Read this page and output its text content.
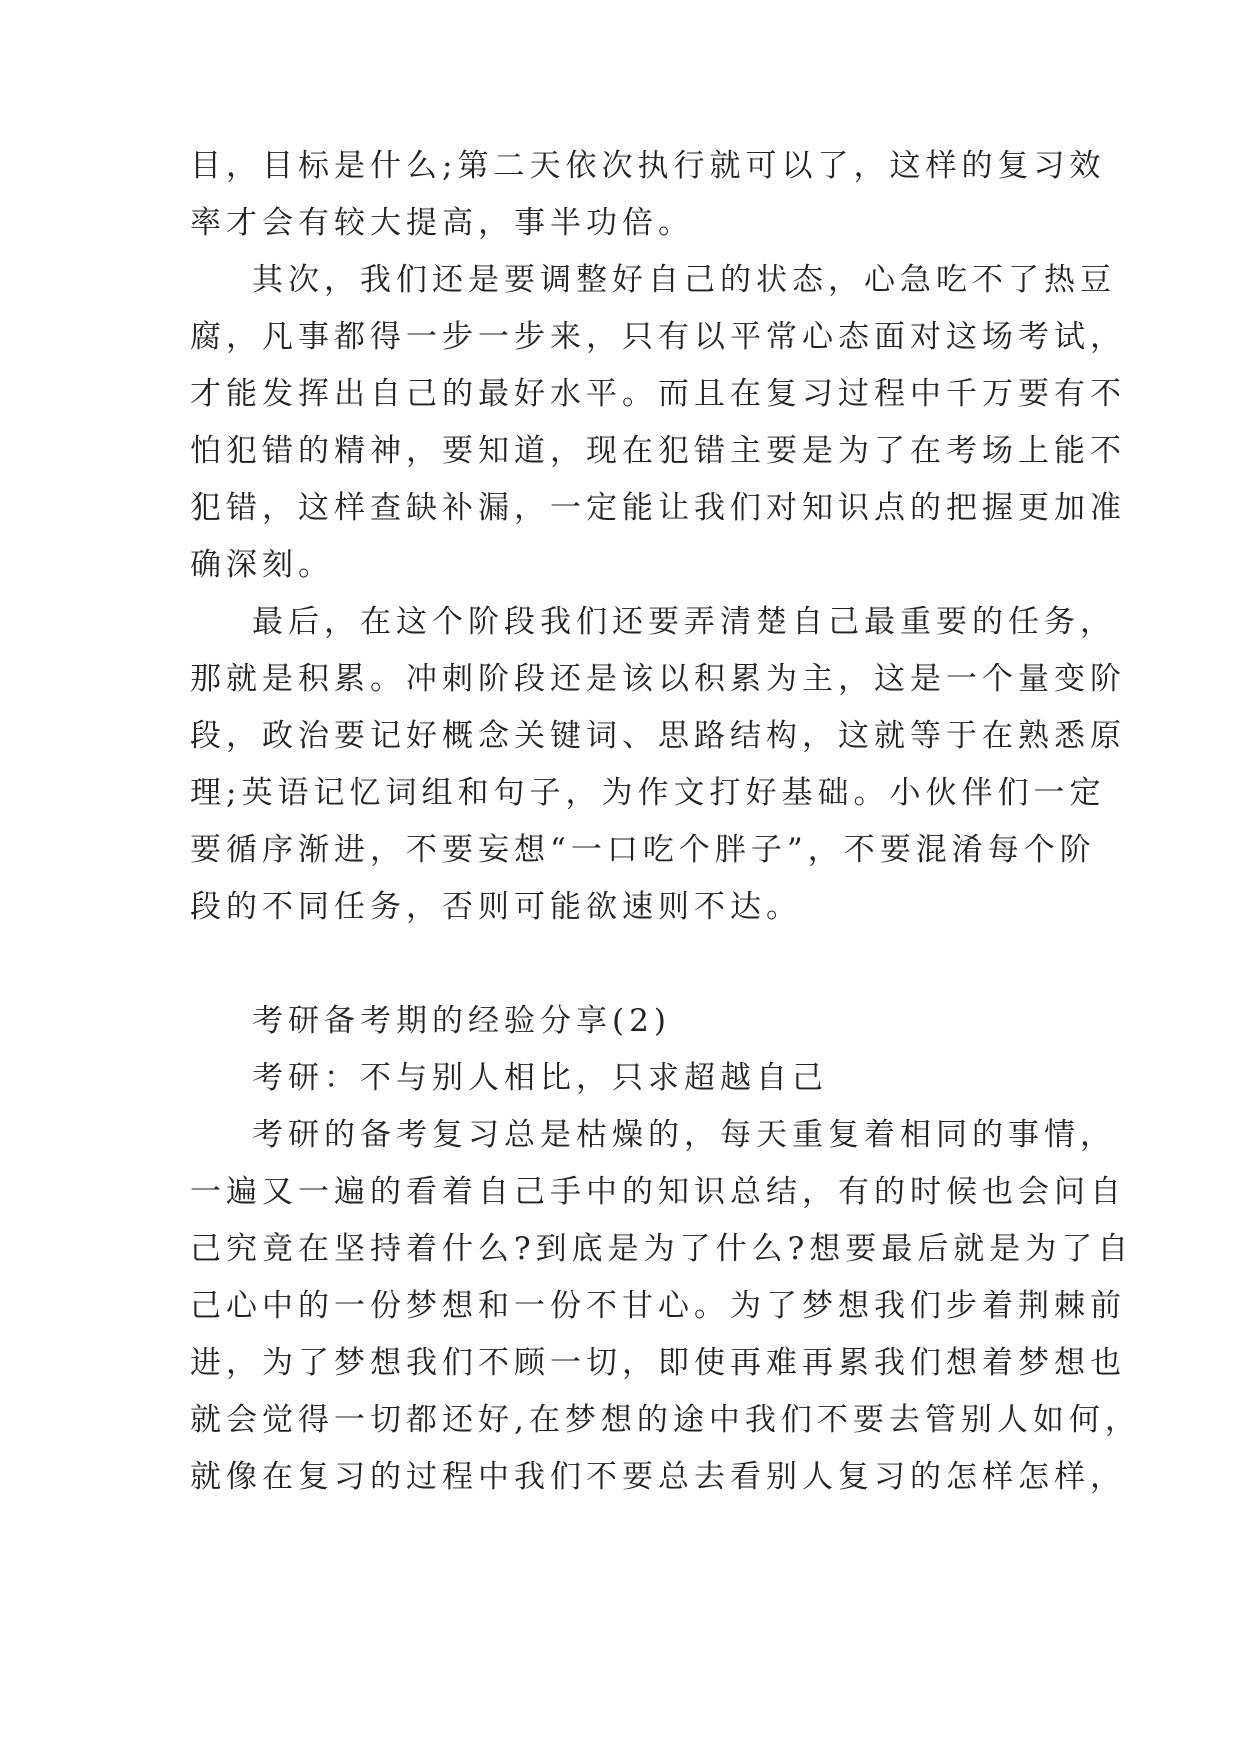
目，目标是什么;第二天依次执行就可以了，这样的复习效
率才会有较大提高，事半功倍。
其次，我们还是要调整好自己的状态，心急吃不了热豆
腐，凡事都得一步一步来，只有以平常心态面对这场考试，
才能发挥出自己的最好水平。而且在复习过程中千万要有不
怕犯错的精神，要知道，现在犯错主要是为了在考场上能不
犯错，这样查缺补漏，一定能让我们对知识点的把握更加准
确深刻。
最后，在这个阶段我们还要弄清楚自己最重要的任务，
那就是积累。冲刺阶段还是该以积累为主，这是一个量变阶
段，政治要记好概念关键词、思路结构，这就等于在熟悉原
理;英语记忆词组和句子，为作文打好基础。小伙伴们一定
要循序渐进，不要妄想“一口吃个胖子”，不要混淆每个阶
段的不同任务，否则可能欲速则不达。
考研备考期的经验分享(2)
考研：不与别人相比，只求超越自己
考研的备考复习总是枯燥的，每天重复着相同的事情，
一遍又一遍的看着自己手中的知识总结，有的时候也会问自
己究竟在坚持着什么?到底是为了什么?想要最后就是为了自
己心中的一份梦想和一份不甘心。为了梦想我们步着荆棘前
进，为了梦想我们不顾一切，即使再难再累我们想着梦想也
就会觉得一切都还好,在梦想的途中我们不要去管别人如何，
就像在复习的过程中我们不要总去看别人复习的怎样怎样，
